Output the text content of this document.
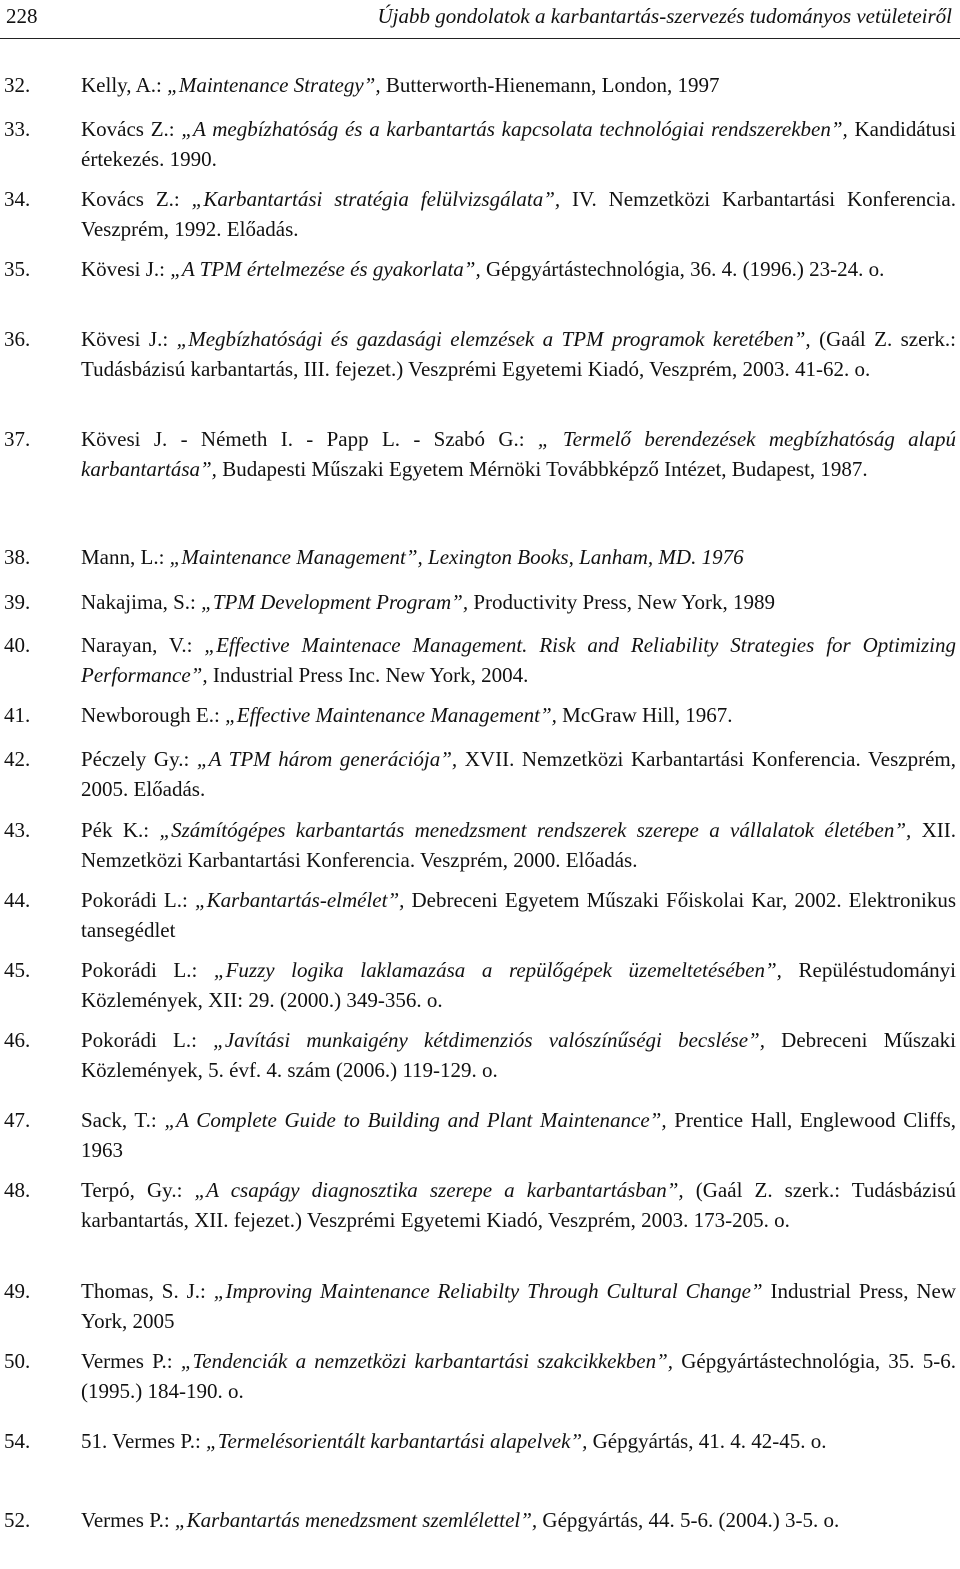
228	Újabb gondolatok a karbantartás-szervezés tudományos vetületeiről
32. Kelly, A.: „Maintenance Strategy”, Butterworth-Hienemann, London, 1997
33. Kovács Z.: „A megbízhatóság és a karbantartás kapcsolata technológiai rendszerekben”, Kandidátusi értekezés. 1990.
34. Kovács Z.: „Karbantartási stratégia felülvizsgálata”, IV. Nemzetközi Karbantartási Konferencia. Veszprém, 1992. Előadás.
35. Kövesi J.: „A TPM értelmezése és gyakorlata”, Gépgyártástechnológia, 36. 4. (1996.) 23-24. o.
36. Kövesi J.: „Megbízhatósági és gazdasági elemzések a TPM programok keretében”, (Gaál Z. szerk.: Tudásbázisú karbantartás, III. fejezet.) Veszprémi Egyetemi Kiadó, Veszprém, 2003. 41-62. o.
37. Kövesi J. - Németh I. - Papp L. - Szabó G.: „ Termelő berendezések megbízhatóság alapú karbantartása”, Budapesti Műszaki Egyetem Mérnöki Továbbképző Intézet, Budapest, 1987.
38. Mann, L.: „Maintenance Management”, Lexington Books, Lanham, MD. 1976
39. Nakajima, S.: „TPM Development Program”, Productivity Press, New York, 1989
40. Narayan, V.: „Effective Maintenace Management. Risk and Reliability Strategies for Optimizing Performance”, Industrial Press Inc. New York, 2004.
41. Newborough E.: „Effective Maintenance Management”, McGraw Hill, 1967.
42. Péczely Gy.: „A TPM három generációja”, XVII. Nemzetközi Karbantartási Konferencia. Veszprém, 2005. Előadás.
43. Pék K.: „Számítógépes karbantartás menedzsment rendszerek szerepe a vállalatok életében”, XII. Nemzetközi Karbantartási Konferencia. Veszprém, 2000. Előadás.
44. Pokorádi L.: „Karbantartás-elmélet”, Debreceni Egyetem Műszaki Főiskolai Kar, 2002. Elektronikus tansegédlet
45. Pokorádi L.: „Fuzzy logika laklamazása a repülőgépek üzemeltetésében”, Repüléstudományi Közlemények, XII: 29. (2000.) 349-356. o.
46. Pokorádi L.: „Javítási munkaigény kétdimenziós valószínűségi becslése”, Debreceni Műszaki Közlemények, 5. évf. 4. szám (2006.) 119-129. o.
47. Sack, T.: „A Complete Guide to Building and Plant Maintenance”, Prentice Hall, Englewood Cliffs, 1963
48. Terpó, Gy.: „A csapágy diagnosztika szerepe a karbantartásban”, (Gaál Z. szerk.: Tudásbázisú karbantartás, XII. fejezet.) Veszprémi Egyetemi Kiadó, Veszprém, 2003. 173-205. o.
49. Thomas, S. J.: „Improving Maintenance Reliabilty Through Cultural Change” Industrial Press, New York, 2005
50. Vermes P.: „Tendenciák a nemzetközi karbantartási szakcikkekben”, Gépgyártástechnológia, 35. 5-6. (1995.) 184-190. o.
54. 51. Vermes P.: „Termelésorientált karbantartási alapelvek”, Gépgyártás, 41. 4. 42-45. o.
52. Vermes P.: „Karbantartás menedzsment szemlélettel”, Gépgyártás, 44. 5-6. (2004.) 3-5. o.
